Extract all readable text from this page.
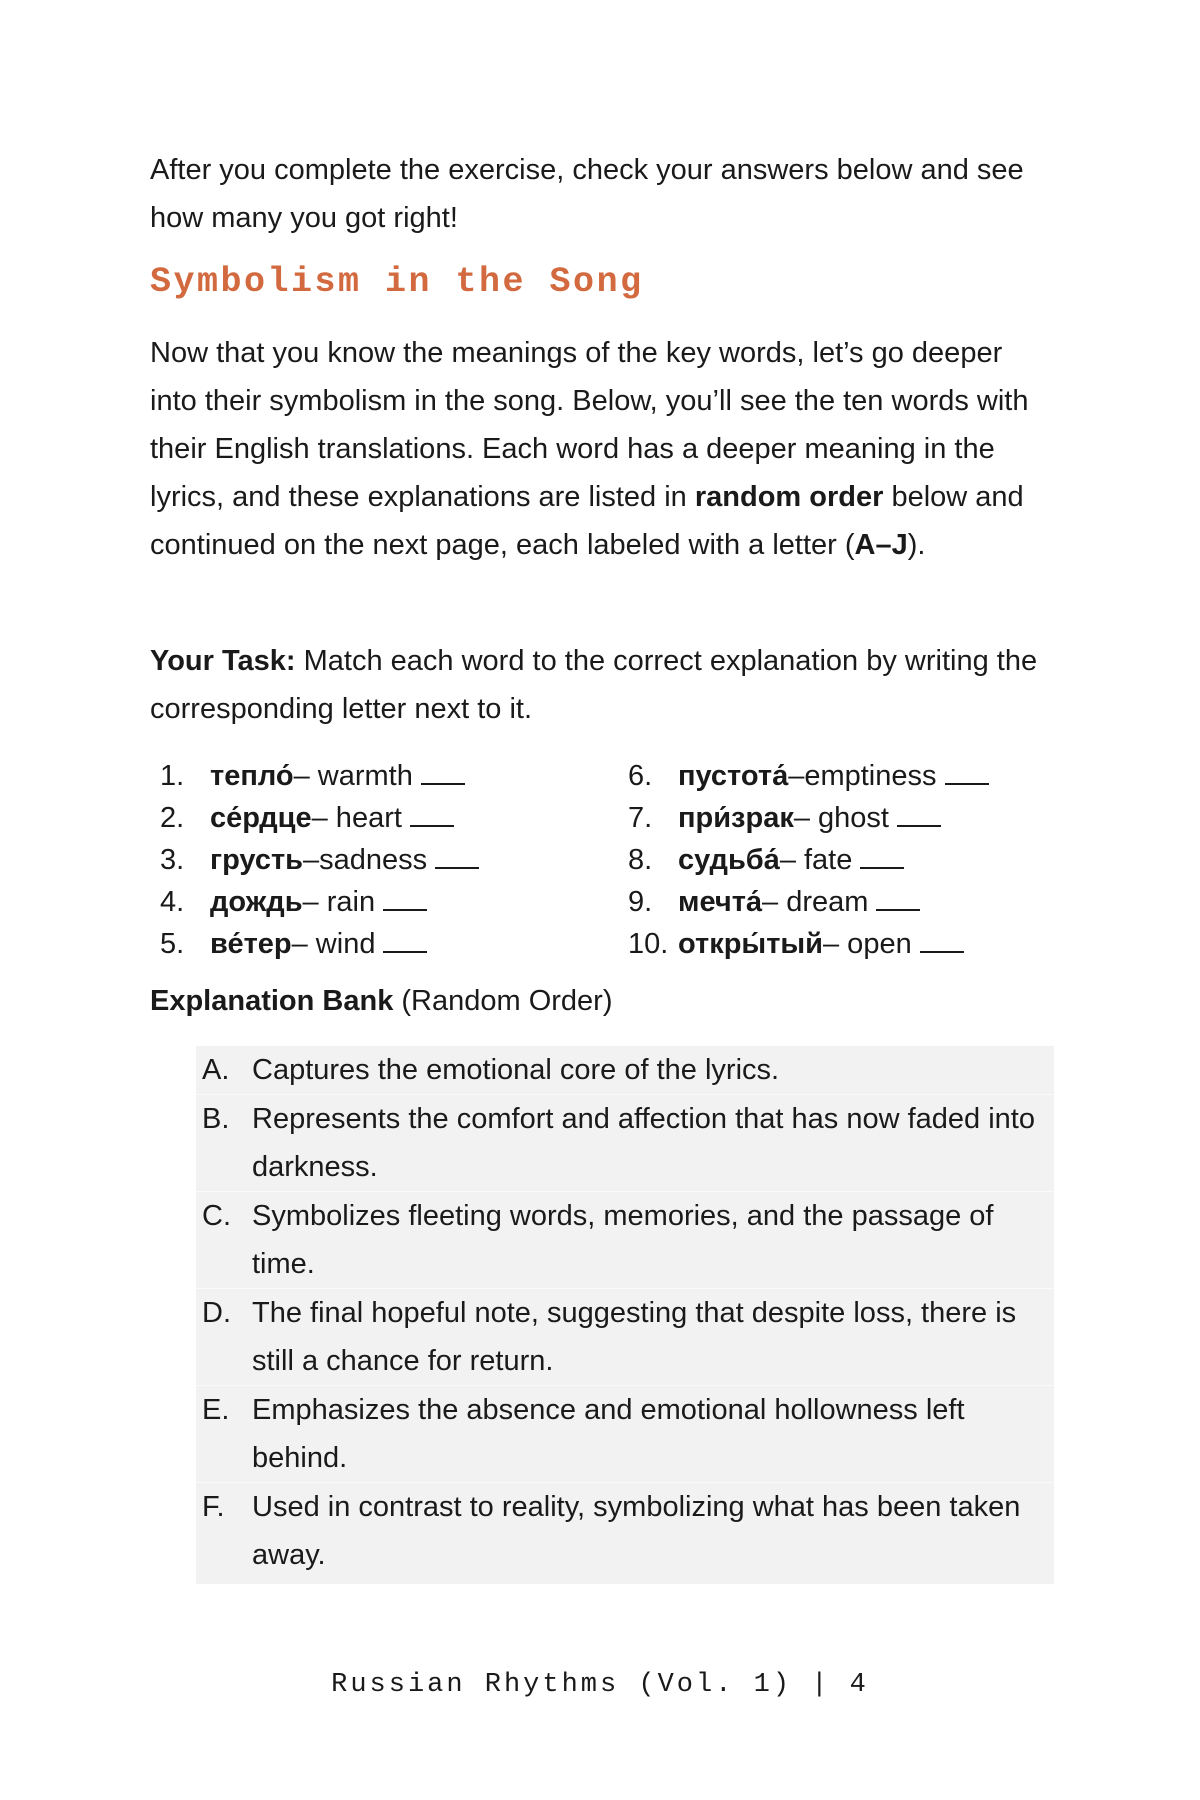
After you complete the exercise, check your answers below and see how many you got right!

Symbolism in the Song

Now that you know the meanings of the key words, let’s go deeper into their symbolism in the song. Below, you’ll see the ten words with their English translations. Each word has a deeper meaning in the lyrics, and these explanations are listed in random order below and continued on the next page, each labeled with a letter (A–J).

Your Task: Match each word to the correct explanation by writing the corresponding letter next to it.

1. тепло́ – warmth
2. се́рдце – heart
3. грусть –sadness
4. дождь – rain
5. ве́тер – wind
6. пустота́ –emptiness
7. при́зрак – ghost
8. судьба́ – fate
9. мечта́ – dream
10. откры́тый – open

Explanation Bank (Random Order)

A. Captures the emotional core of the lyrics.
B. Represents the comfort and affection that has now faded into darkness.
C. Symbolizes fleeting words, memories, and the passage of time.
D. The final hopeful note, suggesting that despite loss, there is still a chance for return.
E. Emphasizes the absence and emotional hollowness left behind.
F. Used in contrast to reality, symbolizing what has been taken away.
Russian Rhythms (Vol. 1) | 4
